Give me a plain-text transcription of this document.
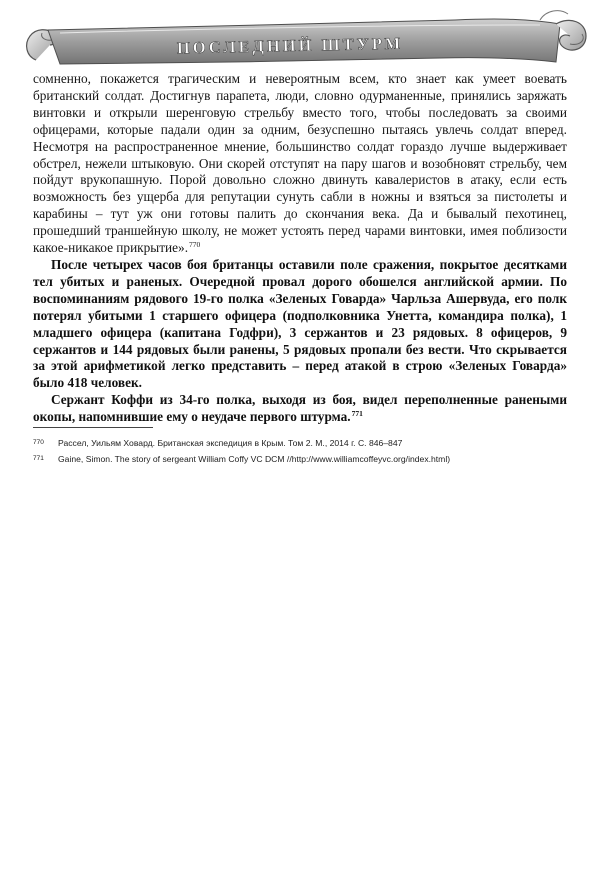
ПОСЛЕДНИЙ ШТУРМ

сомненно, покажется трагическим и невероятным всем, кто знает как умеет воевать британский солдат. Достигнув парапета, люди, словно одурманенные, принялись заряжать винтовки и открыли шеренговую стрельбу вместо того, чтобы последовать за своими офицерами, которые падали один за одним, безуспешно пытаясь увлечь солдат вперед. Несмотря на распространенное мнение, большинство солдат гораздо лучше выдерживает обстрел, нежели штыковую. Они скорей отступят на пару шагов и возобновят стрельбу, чем пойдут врукопашную. Порой довольно сложно двинуть кавалеристов в атаку, если есть возможность без ущерба для репутации сунуть сабли в ножны и взяться за пистолеты и карабины – тут уж они готовы палить до скончания века. Да и бывалый пехотинец, прошедший траншейную школу, не может устоять перед чарами винтовки, имея поблизости какое-никакое прикрытие».$^{770}$

После четырех часов боя британцы оставили поле сражения, покрытое десятками тел убитых и раненых. Очередной провал дорого обошелся английской армии. По воспоминаниям рядового 19-го полка «Зеленых Говарда» Чарльза Ашервуда, его полк потерял убитыми 1 старшего офицера (подполковника Унетта, командира полка), 1 младшего офицера (капитана Годфри), 3 сержантов и 23 рядовых. 8 офицеров, 9 сержантов и 144 рядовых были ранены, 5 рядовых пропали без вести. Что скрывается за этой арифметикой легко представить – перед атакой в строю «Зеленых Говарда» было 418 человек.

Сержант Коффи из 34-го полка, выходя из боя, видел переполненные ранеными окопы, напомнившие ему о неудаче первого штурма.$^{771}$

770	Рассел, Уильям Ховард. Британская экспедиция в Крым. Том 2. М., 2014 г. С. 846–847
771	Gaine, Simon. The story of sergeant William Coffy VC DCM //http://www.williamcoffeyvc.org/index.html)
